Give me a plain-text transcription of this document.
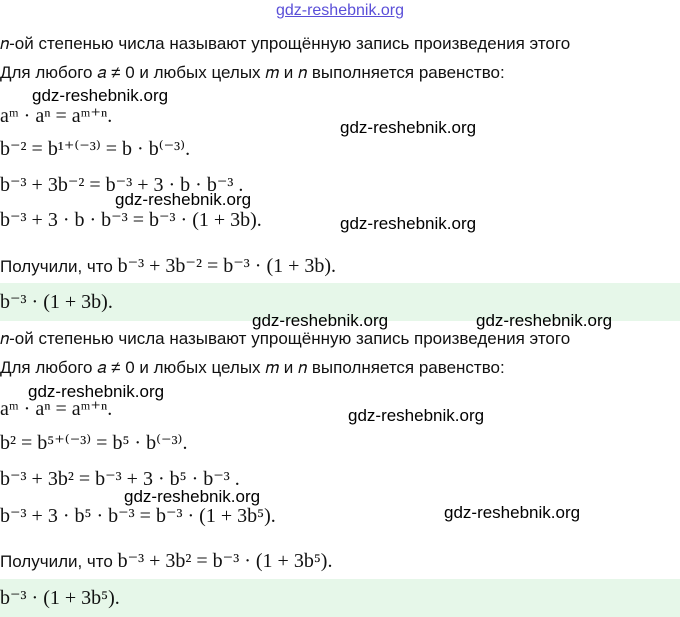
gdz-reshebnik.org
𝑛-ой степенью числа называют упрощённую запись произведения этого
Для любого 𝑎 ≠ 0 и любых целых 𝑚 и 𝑛 выполняется равенство:
aᵐ · aⁿ = aᵐ⁺ⁿ.
b⁻² = b¹⁺⁽⁻³⁾ = b · b⁽⁻³⁾.
b⁻³ + 3b⁻² = b⁻³ + 3 · b · b⁻³ .
b⁻³ + 3 · b · b⁻³ = b⁻³ · (1 + 3b).
Получили, что b⁻³ + 3b⁻² = b⁻³ · (1 + 3b).
b⁻³ · (1 + 3b).
𝑛-ой степенью числа называют упрощённую запись произведения этого
Для любого 𝑎 ≠ 0 и любых целых 𝑚 и 𝑛 выполняется равенство:
aᵐ · aⁿ = aᵐ⁺ⁿ.
b² = b⁵⁺⁽⁻³⁾ = b⁵ · b⁽⁻³⁾.
b⁻³ + 3b² = b⁻³ + 3 · b⁵ · b⁻³ .
b⁻³ + 3 · b⁵ · b⁻³ = b⁻³ · (1 + 3b⁵).
Получили, что b⁻³ + 3b² = b⁻³ · (1 + 3b⁵).
b⁻³ · (1 + 3b⁵).
gdz-reshebnik.org
gdz-reshebnik.org
gdz-reshebnik.org
gdz-reshebnik.org
gdz-reshebnik.org	gdz-reshebnik.org
gdz-reshebnik.org
gdz-reshebnik.org
gdz-reshebnik.org
gdz-reshebnik.org
